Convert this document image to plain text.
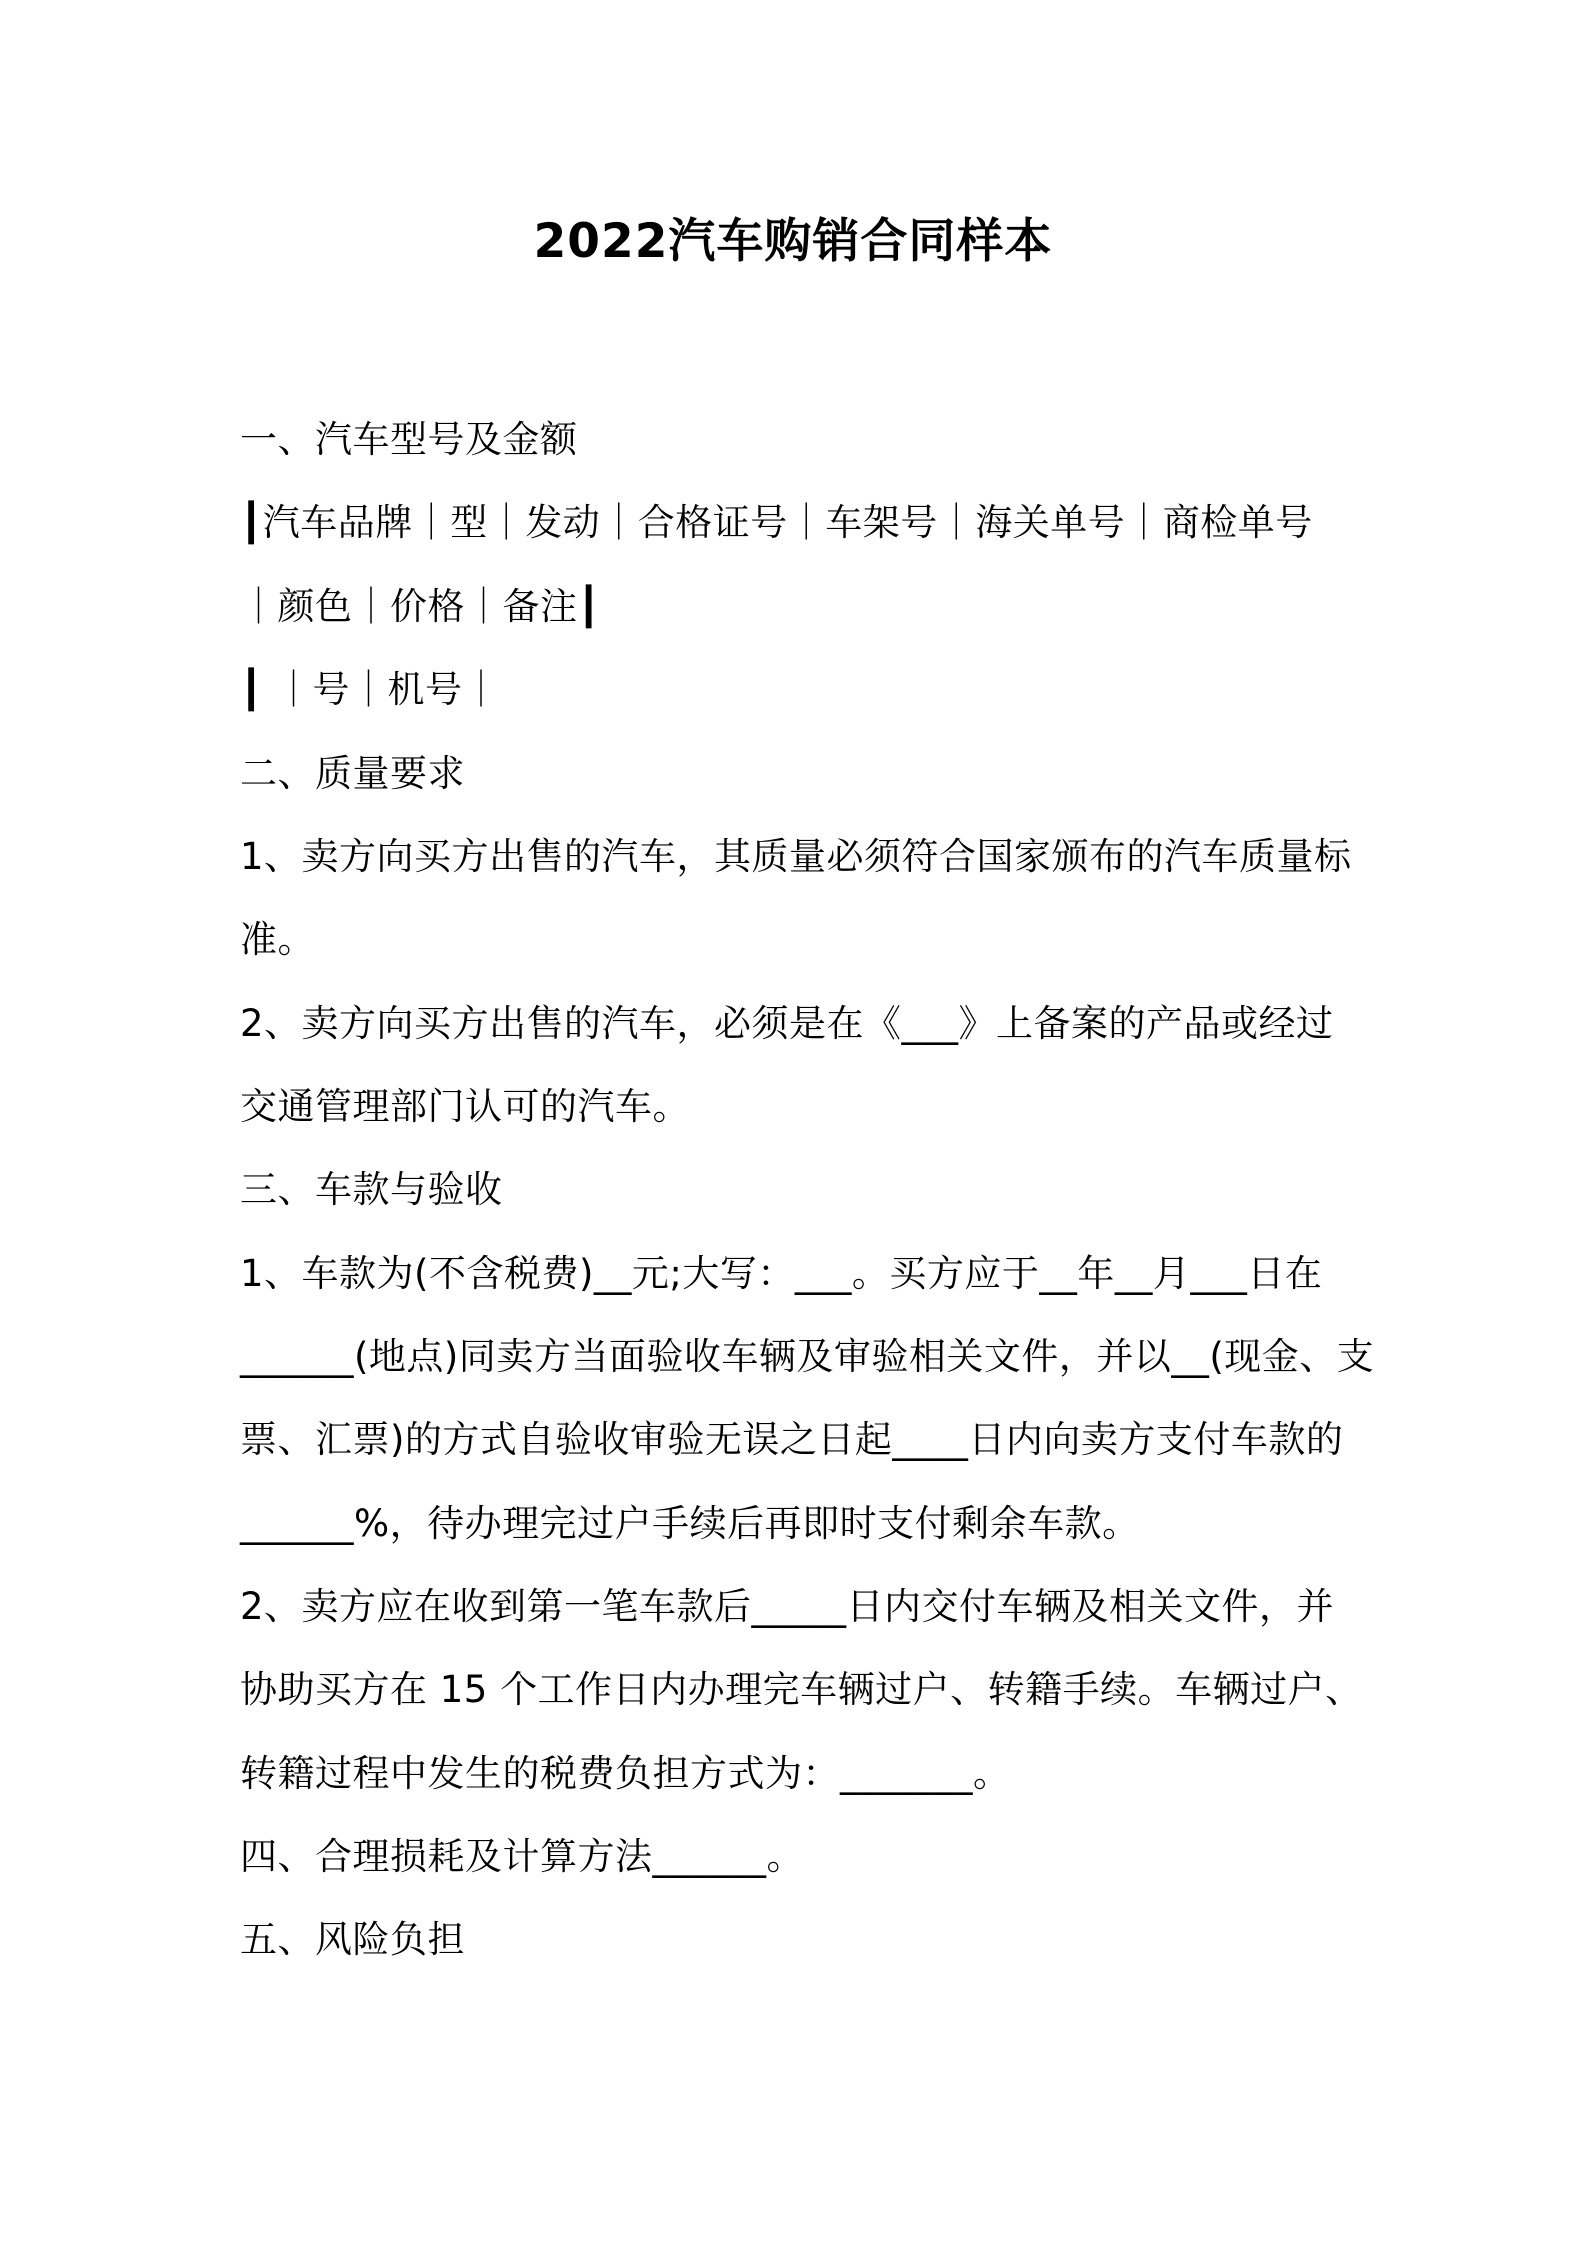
2022汽车购销合同样本

一、汽车型号及金额

┃汽车品牌｜型｜发动｜合格证号｜车架号｜海关单号｜商检单号

｜颜色｜价格｜备注┃

┃ ｜号｜机号｜

二、质量要求

1、卖方向买方出售的汽车，其质量必须符合国家颁布的汽车质量标

准。

2、卖方向买方出售的汽车，必须是在《___》上备案的产品或经过

交通管理部门认可的汽车。

三、车款与验收

1、车款为(不含税费)__元;大写：___。买方应于__年__月___日在

______(地点)同卖方当面验收车辆及审验相关文件，并以__(现金、支

票、汇票)的方式自验收审验无误之日起____日内向卖方支付车款的

______%，待办理完过户手续后再即时支付剩余车款。

2、卖方应在收到第一笔车款后_____日内交付车辆及相关文件，并

协助买方在 15 个工作日内办理完车辆过户、转籍手续。车辆过户、

转籍过程中发生的税费负担方式为：_______。

四、合理损耗及计算方法______。

五、风险负担
